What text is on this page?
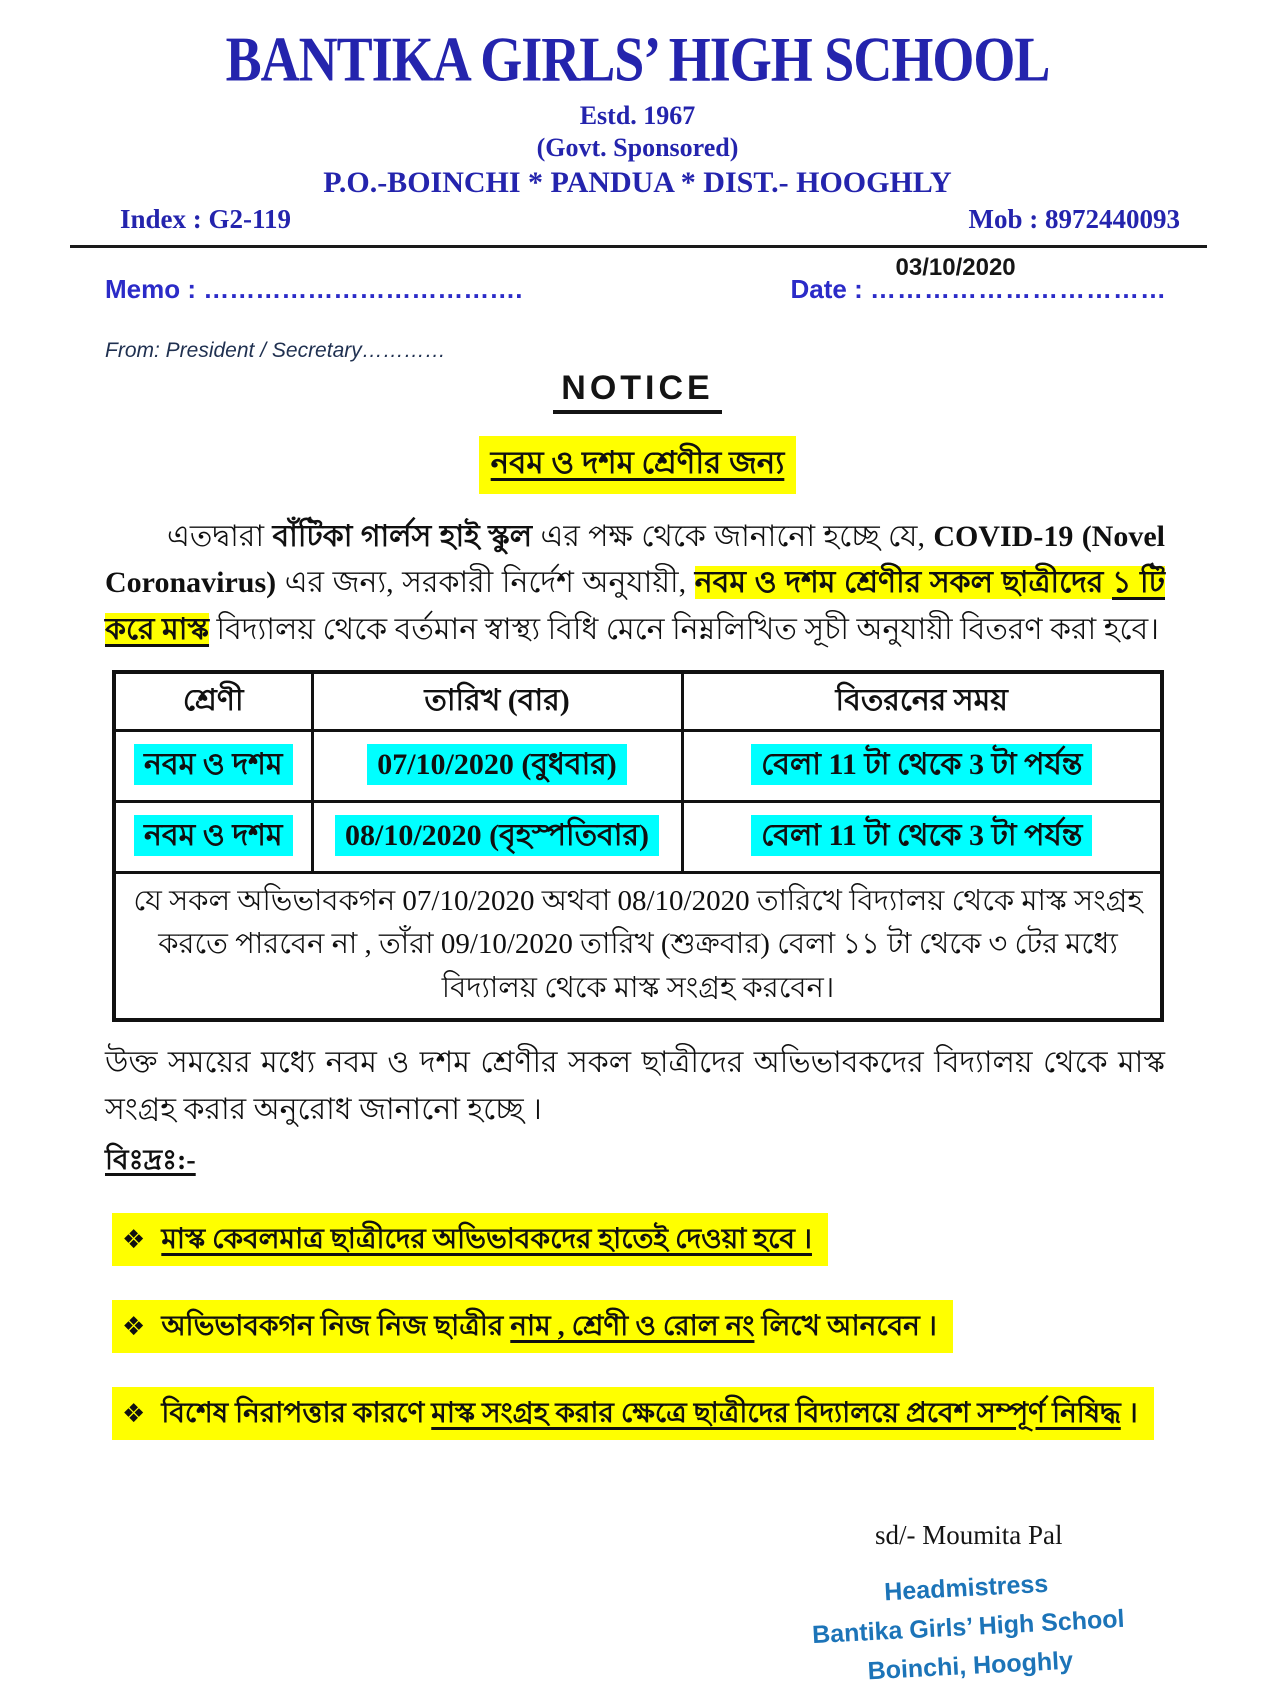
BANTIKA GIRLS’ HIGH SCHOOL
Estd. 1967
(Govt. Sponsored)
P.O.-BOINCHI * PANDUA * DIST.- HOOGHLY
Index : G2-119	Mob : 8972440093
Memo : ……………………………….	Date : ……………………………
03/10/2020
From: President / Secretary…………
NOTICE
নবম ও দশম শ্রেণীর জন্য

এতদ্বারা বাঁটিকা গার্লস হাই স্কুল এর পক্ষ থেকে জানানো হচ্ছে যে, COVID-19 (Novel Coronavirus) এর জন্য, সরকারী নির্দেশ অনুযায়ী, নবম ও দশম শ্রেণীর সকল ছাত্রীদের ১ টি করে মাস্ক বিদ্যালয় থেকে বর্তমান স্বাস্থ্য বিধি মেনে নিম্নলিখিত সূচী অনুযায়ী বিতরণ করা হবে।

শ্রেণী	তারিখ (বার)	বিতরনের সময়
নবম ও দশম	07/10/2020 (বুধবার)	বেলা 11 টা থেকে 3 টা পর্যন্ত
নবম ও দশম	08/10/2020 (বৃহস্পতিবার)	বেলা 11 টা থেকে 3 টা পর্যন্ত
যে সকল অভিভাবকগন 07/10/2020 অথবা 08/10/2020 তারিখে বিদ্যালয় থেকে মাস্ক সংগ্রহ করতে পারবেন না , তাঁরা 09/10/2020 তারিখ (শুক্রবার) বেলা ১১ টা থেকে ৩ টের মধ্যে বিদ্যালয় থেকে মাস্ক সংগ্রহ করবেন।		

উক্ত সময়ের মধ্যে নবম ও দশম শ্রেণীর সকল ছাত্রীদের অভিভাবকদের বিদ্যালয় থেকে মাস্ক সংগ্রহ করার অনুরোধ জানানো হচ্ছে ।

বিঃদ্রঃ:-
❖ মাস্ক কেবলমাত্র ছাত্রীদের অভিভাবকদের হাতেই দেওয়া হবে ।
❖ অভিভাবকগন নিজ নিজ ছাত্রীর নাম , শ্রেণী ও রোল নং লিখে আনবেন ।
❖ বিশেষ নিরাপত্তার কারণে মাস্ক সংগ্রহ করার ক্ষেত্রে ছাত্রীদের বিদ্যালয়ে প্রবেশ সম্পূর্ণ নিষিদ্ধ ।
sd/- Moumita Pal
Headmistress
Bantika Girls’ High School
Boinchi, Hooghly
